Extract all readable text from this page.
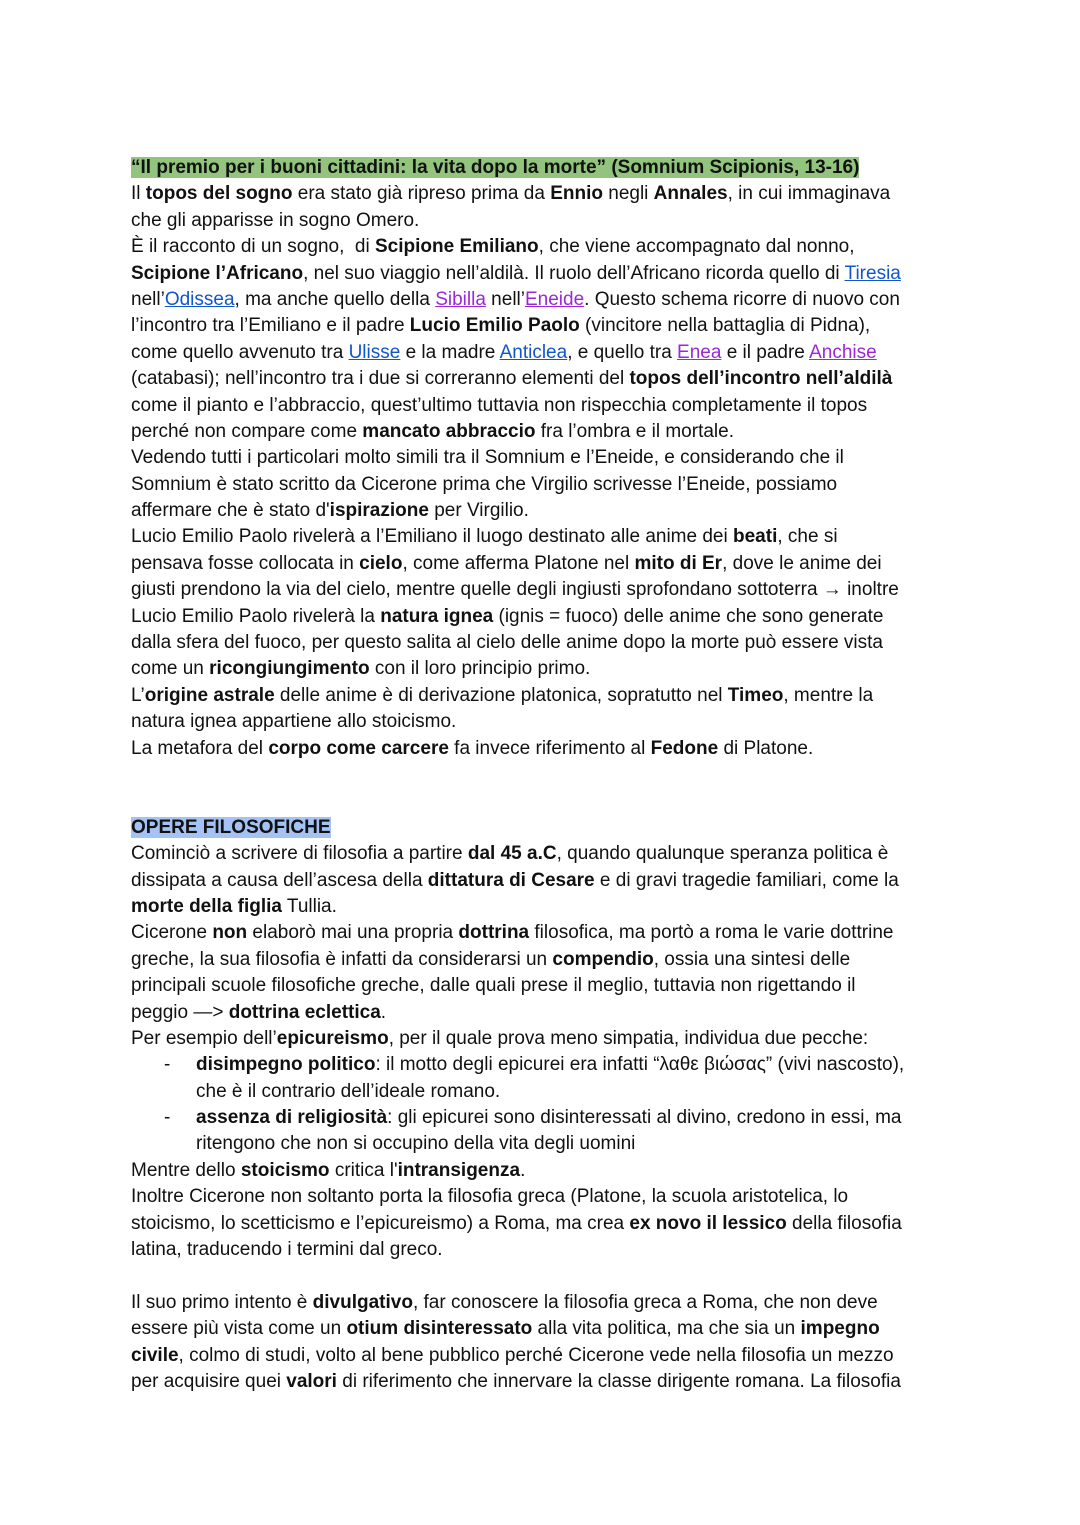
“Il premio per i buoni cittadini: la vita dopo la morte” (Somnium Scipionis, 13-16)
Il topos del sogno era stato già ripreso prima da Ennio negli Annales, in cui immaginava
che gli apparisse in sogno Omero.
È il racconto di un sogno,  di Scipione Emiliano, che viene accompagnato dal nonno,
Scipione l’Africano, nel suo viaggio nell’aldilà. Il ruolo dell’Africano ricorda quello di Tiresia
nell’Odissea, ma anche quello della Sibilla nell’Eneide. Questo schema ricorre di nuovo con
l’incontro tra l’Emiliano e il padre Lucio Emilio Paolo (vincitore nella battaglia di Pidna),
come quello avvenuto tra Ulisse e la madre Anticlea, e quello tra Enea e il padre Anchise
(catabasi); nell’incontro tra i due si correranno elementi del topos dell’incontro nell’aldilà
come il pianto e l’abbraccio, quest’ultimo tuttavia non rispecchia completamente il topos
perché non compare come mancato abbraccio fra l’ombra e il mortale.
Vedendo tutti i particolari molto simili tra il Somnium e l’Eneide, e considerando che il
Somnium è stato scritto da Cicerone prima che Virgilio scrivesse l’Eneide, possiamo
affermare che è stato d'ispirazione per Virgilio.
Lucio Emilio Paolo rivelerà a l’Emiliano il luogo destinato alle anime dei beati, che si
pensava fosse collocata in cielo, come afferma Platone nel mito di Er, dove le anime dei
giusti prendono la via del cielo, mentre quelle degli ingiusti sprofondano sottoterra → inoltre
Lucio Emilio Paolo rivelerà la natura ignea (ignis = fuoco) delle anime che sono generate
dalla sfera del fuoco, per questo salita al cielo delle anime dopo la morte può essere vista
come un ricongiungimento con il loro principio primo.
L’origine astrale delle anime è di derivazione platonica, sopratutto nel Timeo, mentre la
natura ignea appartiene allo stoicismo.
La metafora del corpo come carcere fa invece riferimento al Fedone di Platone.
OPERE FILOSOFICHE
Cominciò a scrivere di filosofia a partire dal 45 a.C, quando qualunque speranza politica è
dissipata a causa dell’ascesa della dittatura di Cesare e di gravi tragedie familiari, come la
morte della figlia Tullia.
Cicerone non elaborò mai una propria dottrina filosofica, ma portò a roma le varie dottrine
greche, la sua filosofia è infatti da considerarsi un compendio, ossia una sintesi delle
principali scuole filosofiche greche, dalle quali prese il meglio, tuttavia non rigettando il
peggio —> dottrina eclettica.
Per esempio dell’epicureismo, per il quale prova meno simpatia, individua due pecche:
- disimpegno politico: il motto degli epicurei era infatti “λαθε βιώσας” (vivi nascosto),
che è il contrario dell’ideale romano.
- assenza di religiosità: gli epicurei sono disinteressati al divino, credono in essi, ma
ritengono che non si occupino della vita degli uomini
Mentre dello stoicismo critica l'intransigenza.
Inoltre Cicerone non soltanto porta la filosofia greca (Platone, la scuola aristotelica, lo
stoicismo, lo scetticismo e l’epicureismo) a Roma, ma crea ex novo il lessico della filosofia
latina, traducendo i termini dal greco.
Il suo primo intento è divulgativo, far conoscere la filosofia greca a Roma, che non deve
essere più vista come un otium disinteressato alla vita politica, ma che sia un impegno
civile, colmo di studi, volto al bene pubblico perché Cicerone vede nella filosofia un mezzo
per acquisire quei valori di riferimento che innervare la classe dirigente romana. La filosofia
